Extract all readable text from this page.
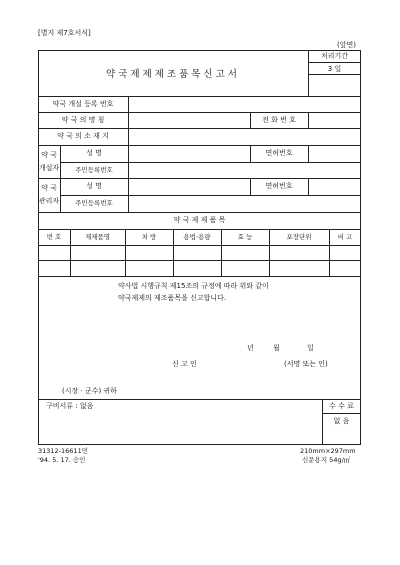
[별지 제7호서식]
(앞면)
약국제제제조품목신고서
처리기간
3 일
약국 개설 등록 번호
약 국 의 명 칭	전 화 번 호
약 국 의 소 재 지
약 국
개설자
성 명	면허번호
주민등록번호
약 국
관리자
성 명	면허번호
주민등록번호
약 국 제 제 품 목
번 호	제제품명	처 방	용법·용량	효 능	포장단위	비 고
약사법 시행규칙 제15조의 규정에 따라 위와 같이
약국제제의 제조품목을 신고합니다.
년	월	일
신 고 인	(서명 또는 인)
(시장 · 군수) 귀하
구비서류 : 없음	수 수 료
없 음
31312-16611민
'94. 5. 17. 승인
210mm×297mm
신문용지 54g/㎡
